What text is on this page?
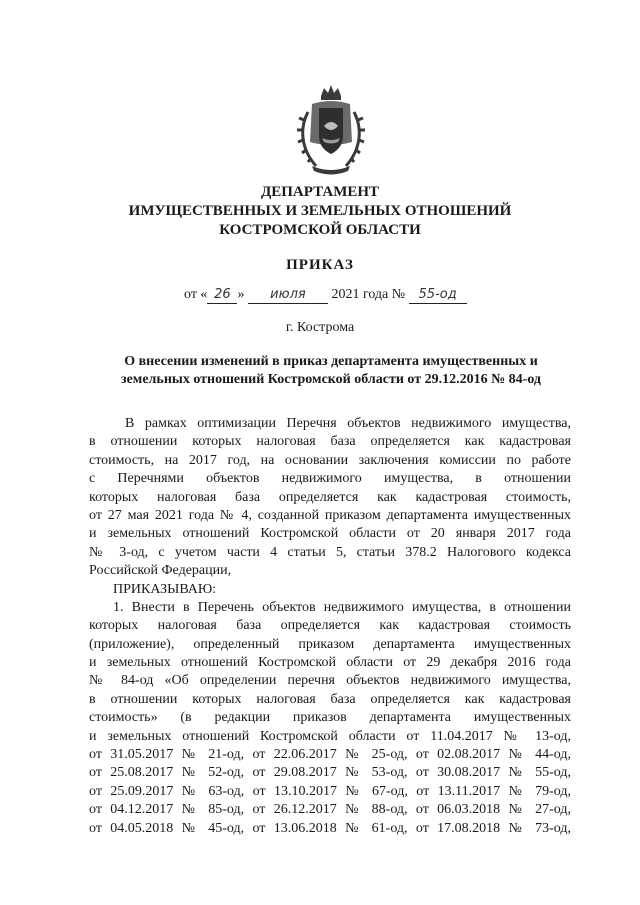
ДЕПАРТАМЕНТ
ИМУЩЕСТВЕННЫХ И ЗЕМЕЛЬНЫХ ОТНОШЕНИЙ
КОСТРОМСКОЙ ОБЛАСТИ
ПРИКАЗ
от « 26 » июля 2021 года № 55-од
г. Кострома
О внесении изменений в приказ департамента имущественных и
земельных отношений Костромской области от 29.12.2016 № 84-од
В рамках оптимизации Перечня объектов недвижимого имущества,
в отношении которых налоговая база определяется как кадастровая
стоимость, на 2017 год, на основании заключения комиссии по работе
с Перечнями объектов недвижимого имущества, в отношении
которых налоговая база определяется как кадастровая стоимость,
от 27 мая 2021 года № 4, созданной приказом департамента имущественных
и земельных отношений Костромской области от 20 января 2017 года
№ 3-од, с учетом части 4 статьи 5, статьи 378.2 Налогового кодекса
Российской Федерации,
ПРИКАЗЫВАЮ:
1. Внести в Перечень объектов недвижимого имущества, в отношении
которых налоговая база определяется как кадастровая стоимость
(приложение), определенный приказом департамента имущественных
и земельных отношений Костромской области от 29 декабря 2016 года
№ 84-од «Об определении перечня объектов недвижимого имущества,
в отношении которых налоговая база определяется как кадастровая
стоимость» (в редакции приказов департамента имущественных
и земельных отношений Костромской области от 11.04.2017 № 13-од,
от 31.05.2017 № 21-од, от 22.06.2017 № 25-од, от 02.08.2017 № 44-од,
от 25.08.2017 № 52-од, от 29.08.2017 № 53-од, от 30.08.2017 № 55-од,
от 25.09.2017 № 63-од, от 13.10.2017 № 67-од, от 13.11.2017 № 79-од,
от 04.12.2017 № 85-од, от 26.12.2017 № 88-од, от 06.03.2018 № 27-од,
от 04.05.2018 № 45-од, от 13.06.2018 № 61-од, от 17.08.2018 № 73-од,
